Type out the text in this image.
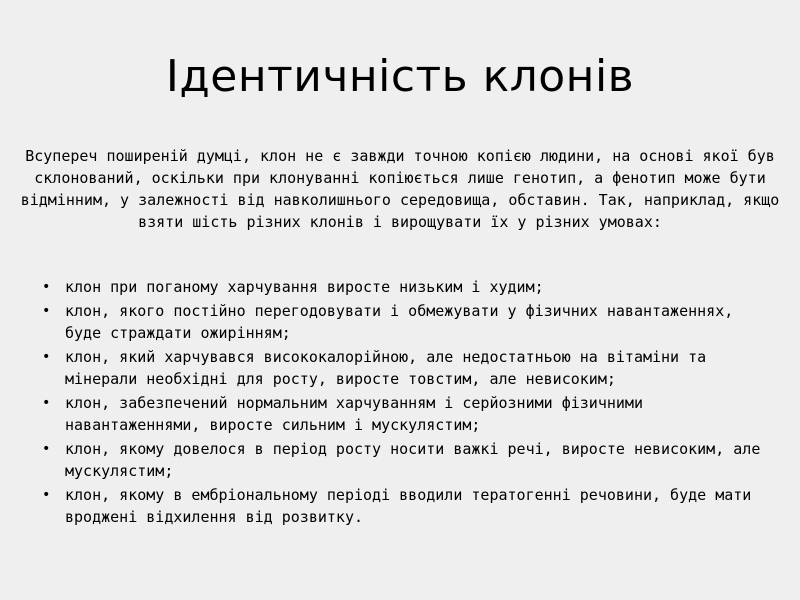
Ідентичність клонів

Всупереч поширеній думці, клон не є завжди точною копією людини, на основі якої був склонований, оскільки при клонуванні копіюється лише генотип, а фенотип може бути відмінним, у залежності від навколишнього середовища, обставин. Так, наприклад, якщо взяти шість різних клонів і вирощувати їх у різних умовах:

• клон при поганому харчування виросте низьким і худим;
• клон, якого постійно перегодовувати і обмежувати у фізичних навантаженнях, буде страждати ожирінням;
• клон, який харчувався висококалорійною, але недостатньою на вітаміни та мінерали необхідні для росту, виросте товстим, але невисоким;
• клон, забезпечений нормальним харчуванням і серйозними фізичними навантаженнями, виросте сильним і мускулястим;
• клон, якому довелося в період росту носити важкі речі, виросте невисоким, але мускулястим;
• клон, якому в ембріональному періоді вводили тератогенні речовини, буде мати вроджені відхилення від розвитку.
